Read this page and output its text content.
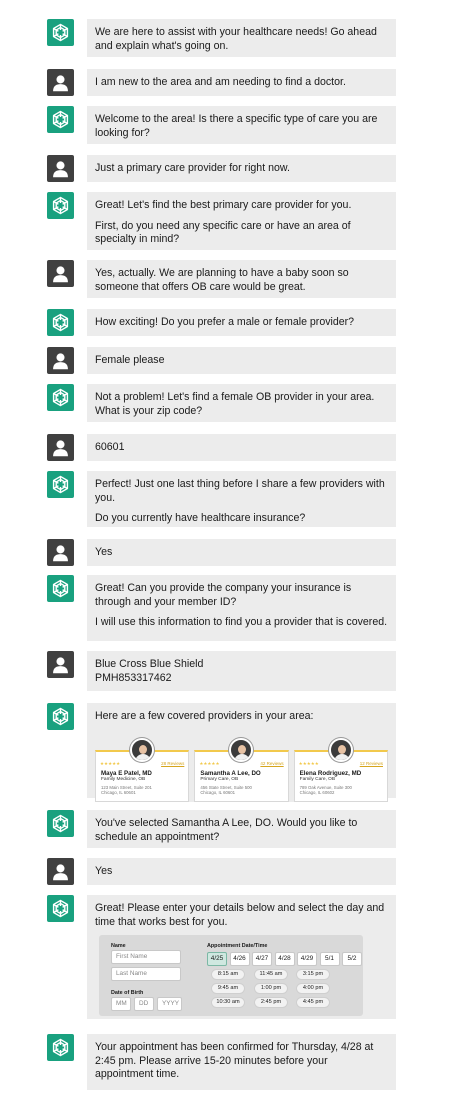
We are here to assist with your healthcare needs! Go ahead and explain what's going on.

I am new to the area and am needing to find a doctor.

Welcome to the area! Is there a specific type of care you are looking for?

Just a primary care provider for right now.

Great! Let's find the best primary care provider for you.

First, do you need any specific care or have an area of specialty in mind?

Yes, actually. We are planning to have a baby soon so someone that offers OB care would be great.

How exciting! Do you prefer a male or female provider?

Female please

Not a problem! Let's find a female OB provider in your area. What is your zip code?

60601

Perfect! Just one last thing before I share a few providers with you.

Do you currently have healthcare insurance?

Yes

Great! Can you provide the company your insurance is through and your member ID?

I will use this information to find you a provider that is covered.

Blue Cross Blue Shield
PMH853317462

Here are a few covered providers in your area:

★★★★★	28 Reviews
Maya E Patel, MD
Family Medicine, OB
123 Main Street, Suite 201
Chicago, IL 60601
★★★★★	42 Reviews
Samantha A Lee, DO
Primary Care, OB
456 State Street, Suite 500
Chicago, IL 60601
★★★★★	12 Reviews
Elena Rodriguez, MD
Family Care, OB
789 Oak Avenue, Suite 300
Chicago, IL 60602

You've selected Samantha A Lee, DO. Would you like to schedule an appointment?

Yes

Great! Please enter your details below and select the day and time that works best for you.

Name
First Name
Last Name
Date of Birth
MM	DD	YYYY
Appointment Date/Time
4/25	4/26	4/27	4/28	4/29	5/1	5/2
8:15 am	11:45 am	3:15 pm
9:45 am	1:00 pm	4:00 pm
10:30 am	2:45 pm	4:45 pm

Your appointment has been confirmed for Thursday, 4/28 at 2:45 pm. Please arrive 15-20 minutes before your appointment time.
